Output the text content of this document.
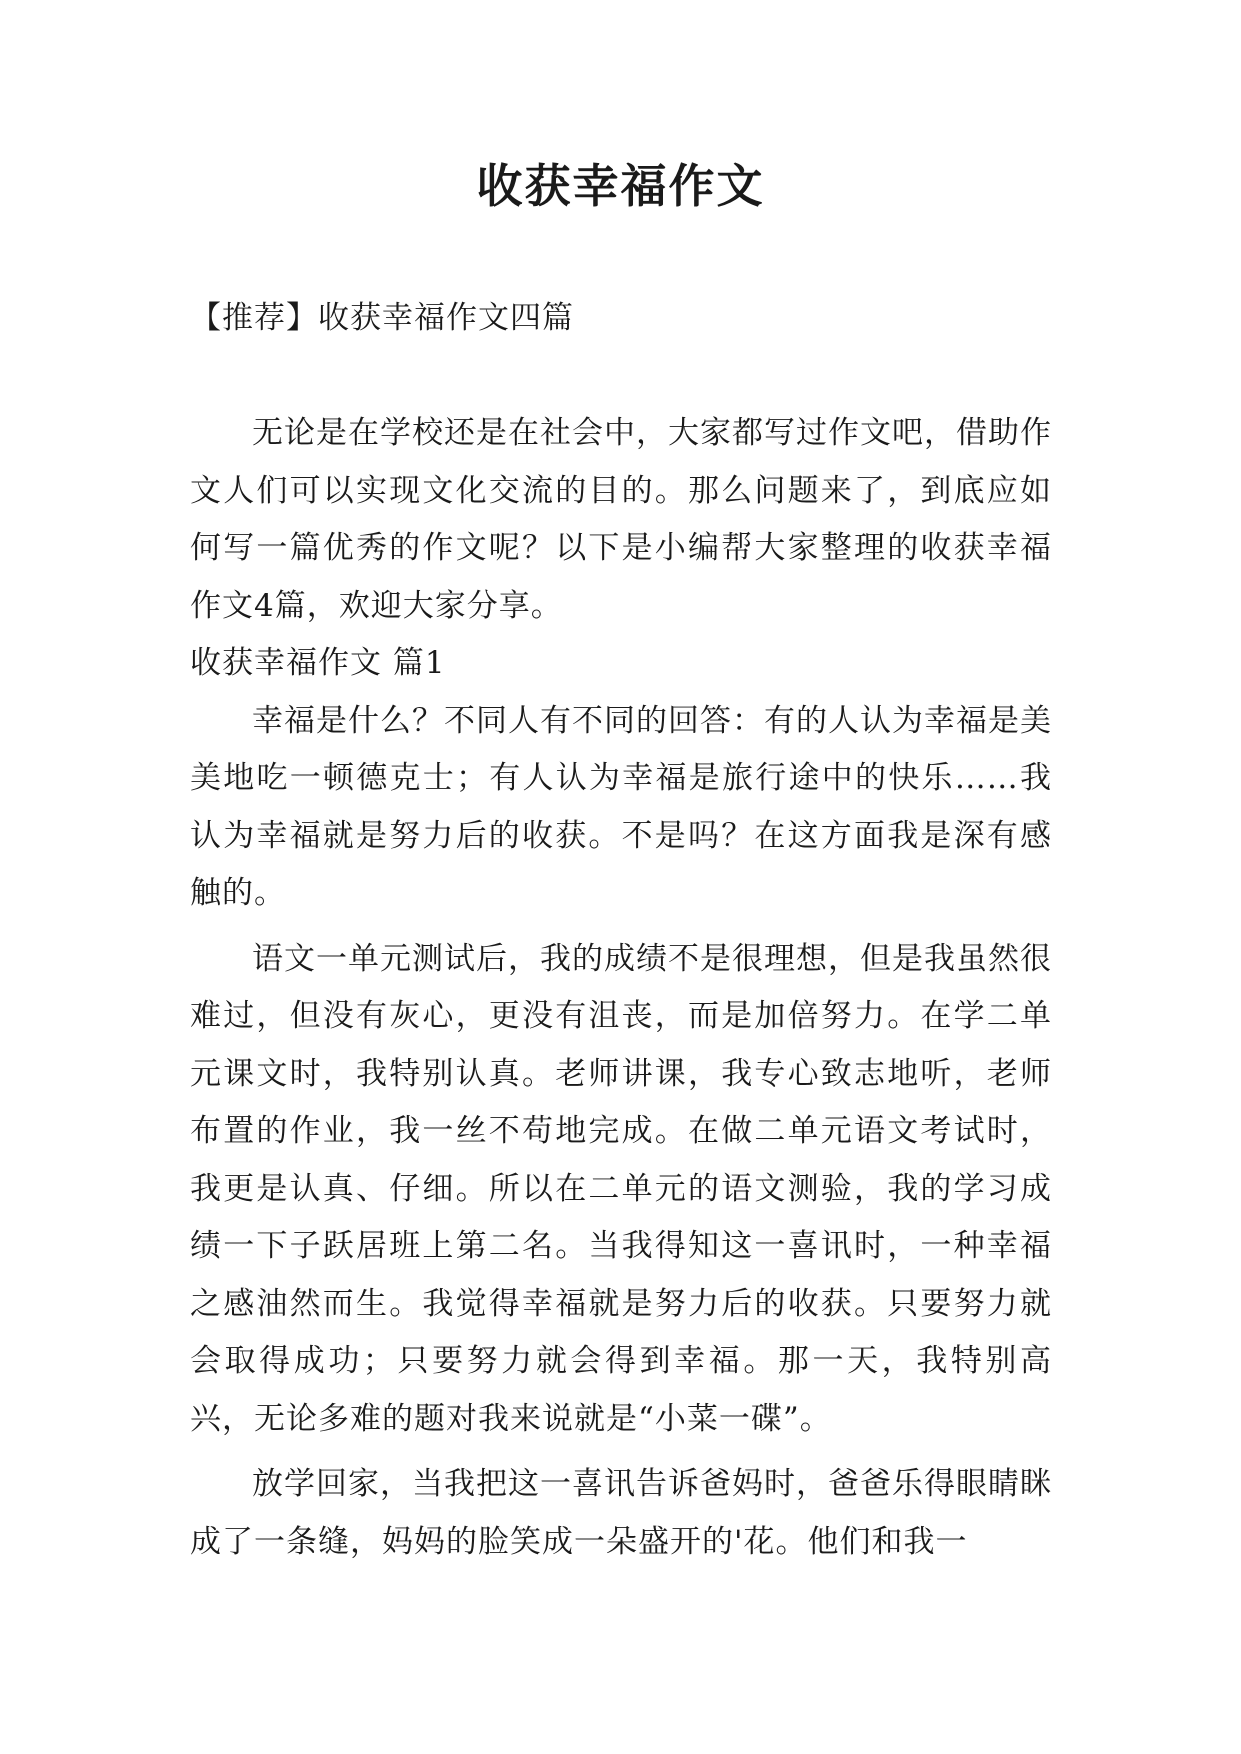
收获幸福作文

【推荐】收获幸福作文四篇

无论是在学校还是在社会中，大家都写过作文吧，借助作文人们可以实现文化交流的目的。那么问题来了，到底应如何写一篇优秀的作文呢？以下是小编帮大家整理的收获幸福作文4篇，欢迎大家分享。

收获幸福作文 篇1

幸福是什么？不同人有不同的回答：有的人认为幸福是美美地吃一顿德克士；有人认为幸福是旅行途中的快乐……我认为幸福就是努力后的收获。不是吗？在这方面我是深有感触的。

语文一单元测试后，我的成绩不是很理想，但是我虽然很难过，但没有灰心，更没有沮丧，而是加倍努力。在学二单元课文时，我特别认真。老师讲课，我专心致志地听，老师布置的作业，我一丝不苟地完成。在做二单元语文考试时，我更是认真、仔细。所以在二单元的语文测验，我的学习成绩一下子跃居班上第二名。当我得知这一喜讯时，一种幸福之感油然而生。我觉得幸福就是努力后的收获。只要努力就会取得成功；只要努力就会得到幸福。那一天，我特别高兴，无论多难的题对我来说就是“小菜一碟”。

放学回家，当我把这一喜讯告诉爸妈时，爸爸乐得眼睛眯成了一条缝，妈妈的脸笑成一朵盛开的'花。他们和我一
